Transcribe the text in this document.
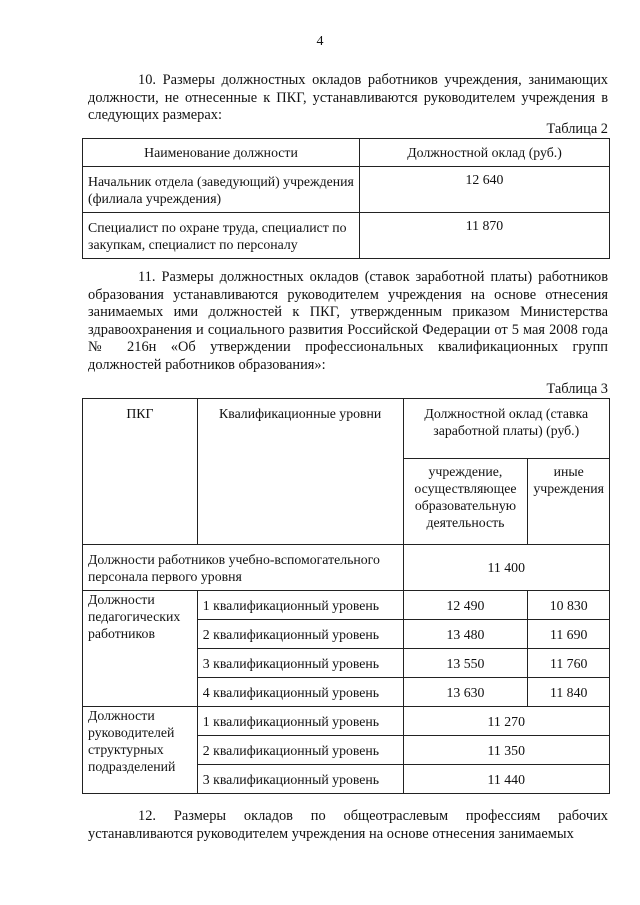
4
10. Размеры должностных окладов работников учреждения, занимающих должности, не отнесенные к ПКГ, устанавливаются руководителем учреждения в следующих размерах:
Таблица 2
Наименование должности	Должностной оклад (руб.)
Начальник отдела (заведующий) учреждения (филиала учреждения)	12 640
Специалист по охране труда, специалист по закупкам, специалист по персоналу	11 870
11. Размеры должностных окладов (ставок заработной платы) работников образования устанавливаются руководителем учреждения на основе отнесения занимаемых ими должностей к ПКГ, утвержденным приказом Министерства здравоохранения и социального развития Российской Федерации от 5 мая 2008 года № 216н «Об утверждении профессиональных квалификационных групп должностей работников образования»:
Таблица 3
ПКГ	Квалификационные уровни	Должностной оклад (ставка заработной платы) (руб.)	
		учреждение, осуществляющее образовательную деятельность	иные учреждения
Должности работников учебно-вспомогательного персонала первого уровня		11 400	
Должности педагогических работников	1 квалификационный уровень	12 490	10 830
	2 квалификационный уровень	13 480	11 690
	3 квалификационный уровень	13 550	11 760
	4 квалификационный уровень	13 630	11 840
Должности руководителей структурных подразделений	1 квалификационный уровень	11 270	
	2 квалификационный уровень	11 350	
	3 квалификационный уровень	11 440	
12. Размеры окладов по общеотраслевым профессиям рабочих устанавливаются руководителем учреждения на основе отнесения занимаемых
